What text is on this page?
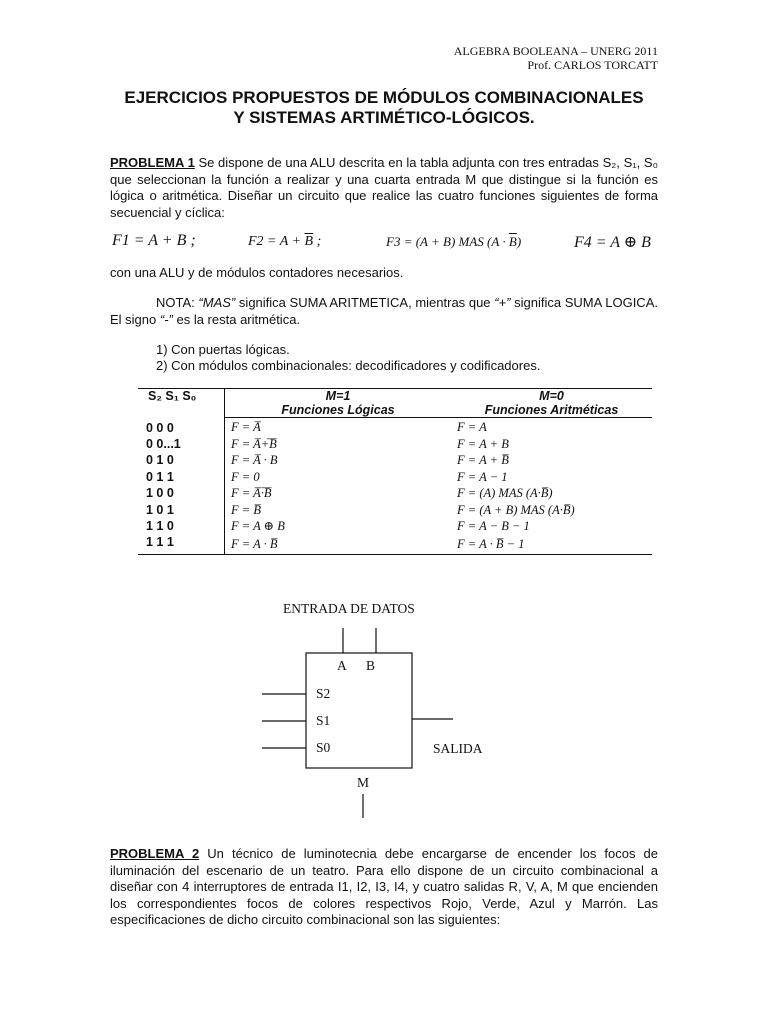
ALGEBRA BOOLEANA – UNERG 2011
Prof. CARLOS TORCATT
EJERCICIOS PROPUESTOS DE MÓDULOS COMBINACIONALES
Y SISTEMAS ARTIMÉTICO-LÓGICOS.
PROBLEMA 1 Se dispone de una ALU descrita en la tabla adjunta con tres entradas S₂, S₁, S₀ que seleccionan la función a realizar y una cuarta entrada M que distingue si la función es lógica o aritmética. Diseñar un circuito que realice las cuatro funciones siguientes de forma secuencial y cíclica:
F1 = A + B ;	$F2 = A + \overline{B}$ ;	F3 = (A + B) MAS $(A \cdot \overline{B})$	F4 = A ⊕ B
con una ALU y de módulos contadores necesarios.
NOTA: “MAS” significa SUMA ARITMETICA, mientras que “+” significa SUMA LOGICA. El signo “-” es la resta aritmética.
1) Con puertas lógicas.
2) Con módulos combinacionales: decodificadores y codificadores.
S₂ S₁ S₀	M=1	M=0
	Funciones Lógicas	Funciones Aritméticas
0 0 0	F = A̅	F = A
0 0...1	F = A̅+̅B̅	F = A + B
0 1 0	F = A̅ · B	F = A + B̅
0 1 1	F = 0	F = A − 1
1 0 0	F = A̅·̅B̅	F = (A) MAS (A·B̅)
1 0 1	F = B̅	F = (A + B) MAS (A·B̅)
1 1 0	F = A ⊕ B	F = A − B − 1
1 1 1	F = A · B̅	F = A · B̅ − 1
ENTRADA DE DATOS
A B
S2
S1
S0
M
SALIDA
PROBLEMA 2 Un técnico de luminotecnia debe encargarse de encender los focos de iluminación del escenario de un teatro. Para ello dispone de un circuito combinacional a diseñar con 4 interruptores de entrada I1, I2, I3, I4, y cuatro salidas R, V, A, M que encienden los correspondientes focos de colores respectivos Rojo, Verde, Azul y Marrón. Las especificaciones de dicho circuito combinacional son las siguientes:
